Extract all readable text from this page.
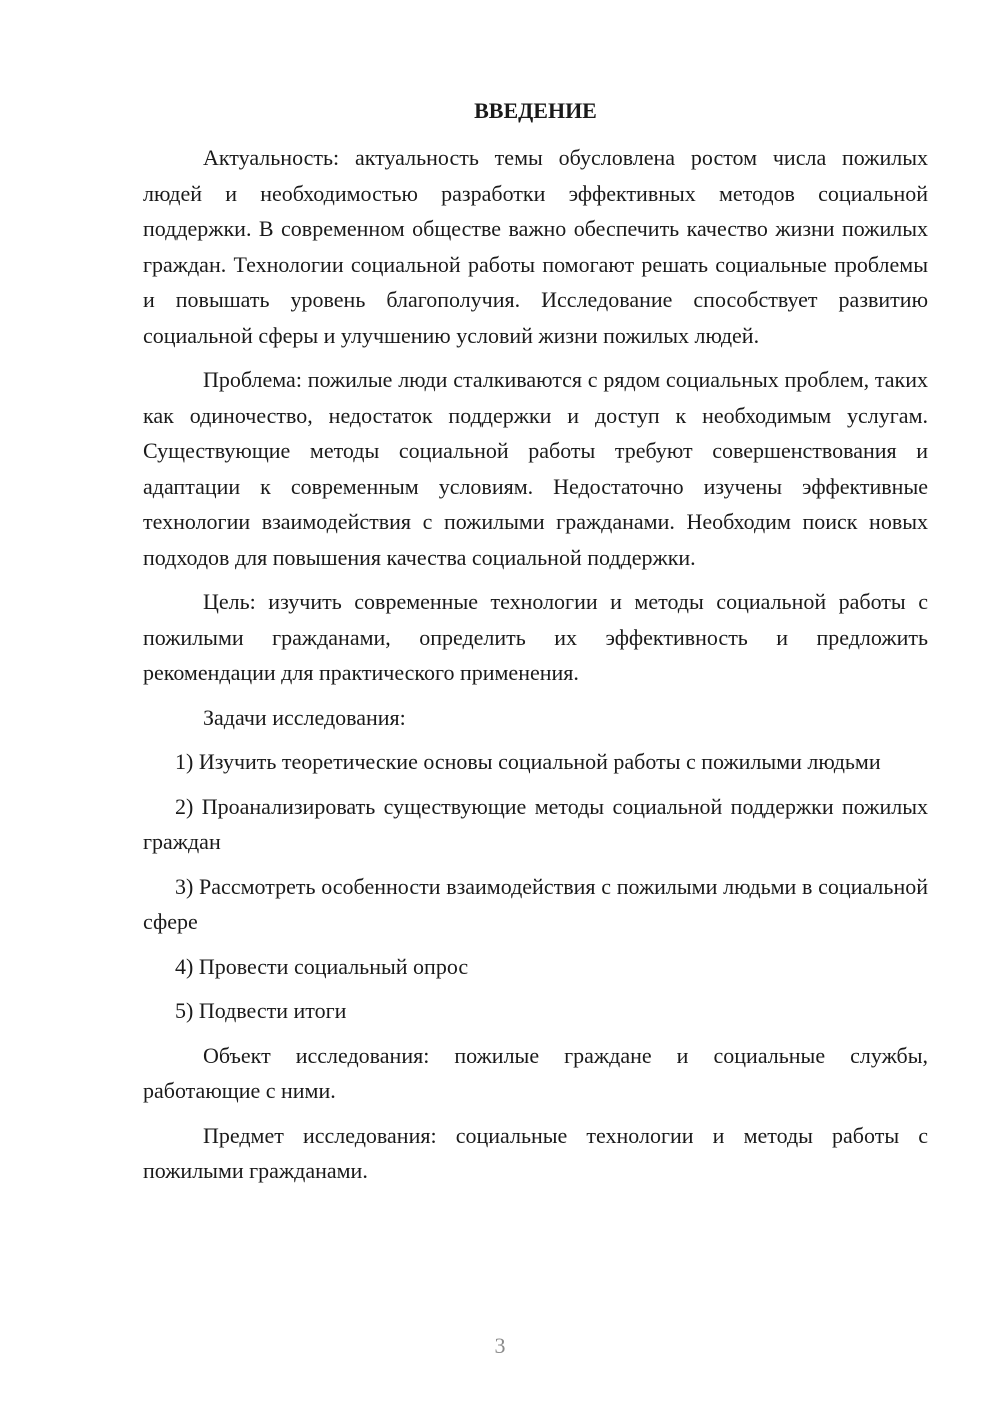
ВВЕДЕНИЕ

Актуальность: актуальность темы обусловлена ростом числа пожилых людей и необходимостью разработки эффективных методов социальной поддержки. В современном обществе важно обеспечить качество жизни пожилых граждан. Технологии социальной работы помогают решать социальные проблемы и повышать уровень благополучия. Исследование способствует развитию социальной сферы и улучшению условий жизни пожилых людей.

Проблема: пожилые люди сталкиваются с рядом социальных проблем, таких как одиночество, недостаток поддержки и доступ к необходимым услугам. Существующие методы социальной работы требуют совершенствования и адаптации к современным условиям. Недостаточно изучены эффективные технологии взаимодействия с пожилыми гражданами. Необходим поиск новых подходов для повышения качества социальной поддержки.

Цель: изучить современные технологии и методы социальной работы с пожилыми гражданами, определить их эффективность и предложить рекомендации для практического применения.

Задачи исследования:

1) Изучить теоретические основы социальной работы с пожилыми людьми

2) Проанализировать существующие методы социальной поддержки пожилых граждан

3) Рассмотреть особенности взаимодействия с пожилыми людьми в социальной сфере

4) Провести социальный опрос

5) Подвести итоги

Объект исследования: пожилые граждане и социальные службы, работающие с ними.

Предмет исследования: социальные технологии и методы работы с пожилыми гражданами.

3
